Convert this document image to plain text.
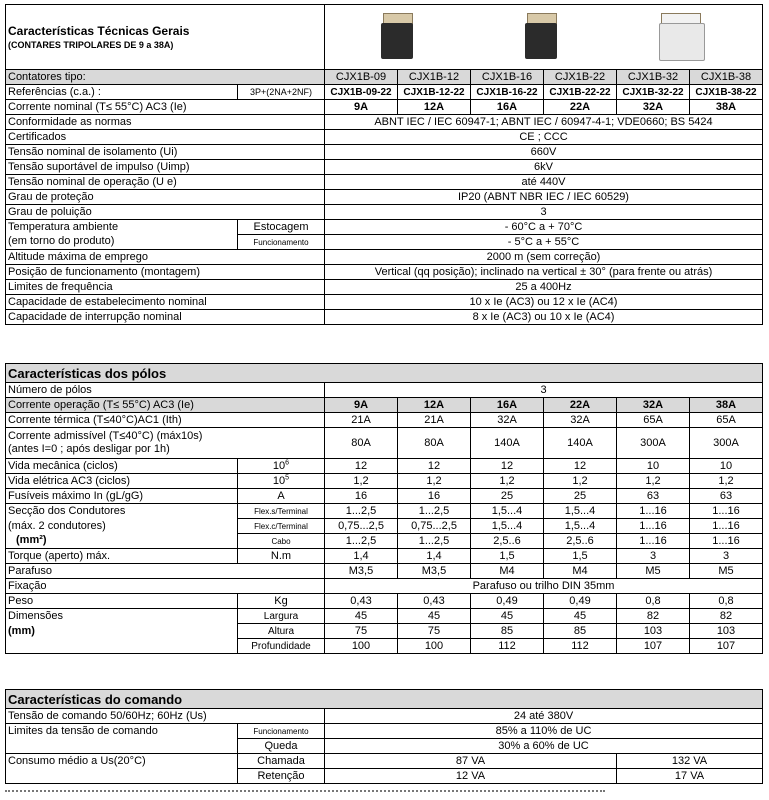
Características Técnicas Gerais
(CONTARES TRIPOLARES DE 9 a 38A)							

Contatores tipo:		CJX1B-09	CJX1B-12	CJX1B-16	CJX1B-22	CJX1B-32	CJX1B-38
Referências (c.a.) :	3P+(2NA+2NF)	CJX1B-09-22	CJX1B-12-22	CJX1B-16-22	CJX1B-22-22	CJX1B-32-22	CJX1B-38-22
Corrente nominal (T≤ 55°C) AC3 (Ie)		9A	12A	16A	22A	32A	38A
Conformidade as normas		ABNT IEC / IEC 60947-1; ABNT IEC / 60947-4-1; VDE0660; BS 5424					
Certificados		CE ; CCC					
Tensão nominal de isolamento (Ui)		660V					
Tensão suportável de impulso (Uimp)		6kV					
Tensão nominal de operação (U e)		até 440V					
Grau de proteção		IP20 (ABNT NBR IEC / IEC 60529)					
Grau de poluição		3					
Temperatura ambiente	Estocagem	- 60°C a + 70°C					
(em torno do produto)	Funcionamento	- 5°C a + 55°C					
Altitude máxima de emprego		2000 m (sem correção)					
Posição de funcionamento (montagem)		Vertical (qq posição); inclinado na vertical ± 30° (para frente ou atrás)					
Limites de frequência		25 a 400Hz					
Capacidade de estabelecimento nominal		10 x Ie (AC3) ou 12 x Ie (AC4)					
Capacidade de interrupção nominal		8 x Ie (AC3) ou 10 x Ie (AC4)					
Características dos pólos							
Número de pólos		3					
Corrente operação (T≤ 55°C) AC3 (Ie)		9A	12A	16A	22A	32A	38A
Corrente térmica (T≤40°C)AC1 (Ith)		21A	21A	32A	32A	65A	65A

Corrente admissível (T≤40°C) (máx10s)
(antes I=0 ; após desligar por 1h)		80A	80A	140A	140A	300A	300A
Vida mecânica (ciclos)	$10^6$	12	12	12	12	10	10
Vida elétrica AC3 (ciclos)	$10^5$	1,2	1,2	1,2	1,2	1,2	1,2
Fusíveis máximo In (gL/gG)	A	16	16	25	25	63	63
Secção dos Condutores	Flex.s/Terminal	1...2,5	1...2,5	1,5...4	1,5...4	1...16	1...16
(máx. 2 condutores)	Flex.c/Terminal	0,75...2,5	0,75...2,5	1,5...4	1,5...4	1...16	1...16
(mm²)	Cabo	1...2,5	1...2,5	2,5..6	2,5..6	1...16	1...16
Torque (aperto) máx.	N.m	1,4	1,4	1,5	1,5	3	3
Parafuso		M3,5	M3,5	M4	M4	M5	M5
Fixação		Parafuso ou trilho DIN 35mm					
Peso	Kg	0,43	0,43	0,49	0,49	0,8	0,8
Dimensões	Largura	45	45	45	45	82	82
(mm)	Altura	75	75	85	85	103	103
	Profundidade	100	100	112	112	107	107
Características do comando			
Tensão de comando 50/60Hz; 60Hz (Us)		24 até 380V	
Limites da tensão de comando	Funcionamento	85% a 110% de UC	
	Queda	30% a 60% de UC	
Consumo médio a Us(20°C)	Chamada	87 VA	132 VA
	Retenção	12 VA	17 VA
